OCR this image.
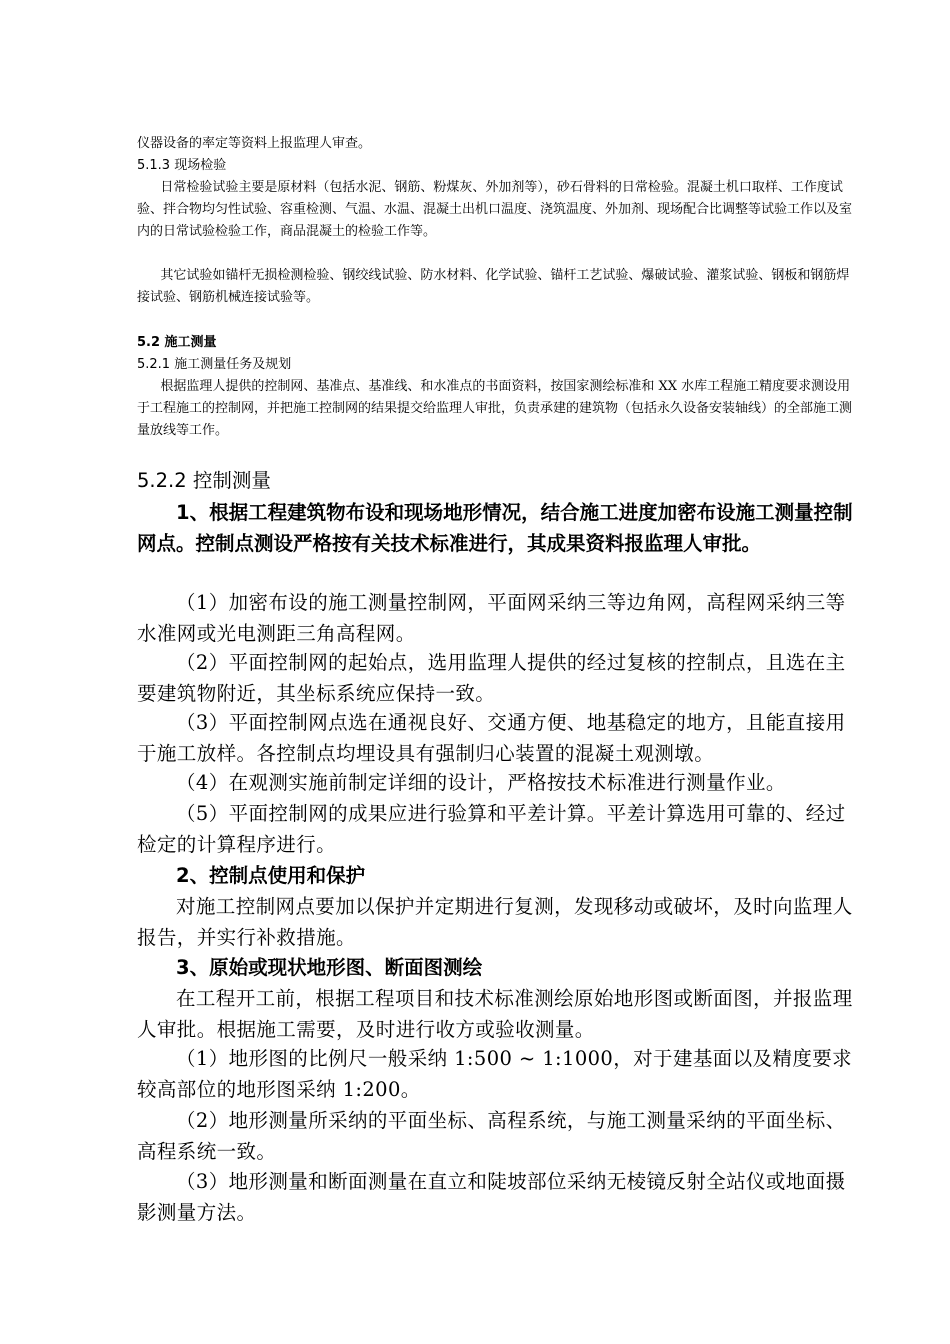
仪器设备的率定等资料上报监理人审查。

5.1.3 现场检验

日常检验试验主要是原材料（包括水泥、钢筋、粉煤灰、外加剂等），砂石骨料的日常检验。混凝土机口取样、工作度试验、拌合物均匀性试验、容重检测、气温、水温、混凝土出机口温度、浇筑温度、外加剂、现场配合比调整等试验工作以及室内的日常试验检验工作，商品混凝土的检验工作等。

其它试验如锚杆无损检测检验、钢绞线试验、防水材料、化学试验、锚杆工艺试验、爆破试验、灌浆试验、钢板和钢筋焊接试验、钢筋机械连接试验等。

5.2 施工测量

5.2.1 施工测量任务及规划

根据监理人提供的控制网、基准点、基准线、和水准点的书面资料，按国家测绘标准和 XX 水库工程施工精度要求测设用于工程施工的控制网，并把施工控制网的结果提交给监理人审批，负责承建的建筑物（包括永久设备安装轴线）的全部施工测量放线等工作。

5.2.2 控制测量

1、根据工程建筑物布设和现场地形情况，结合施工进度加密布设施工测量控制网点。控制点测设严格按有关技术标准进行，其成果资料报监理人审批。

（1）加密布设的施工测量控制网，平面网采纳三等边角网，高程网采纳三等水准网或光电测距三角高程网。

（2）平面控制网的起始点，选用监理人提供的经过复核的控制点，且选在主要建筑物附近，其坐标系统应保持一致。

（3）平面控制网点选在通视良好、交通方便、地基稳定的地方，且能直接用于施工放样。各控制点均埋设具有强制归心装置的混凝土观测墩。

（4）在观测实施前制定详细的设计，严格按技术标准进行测量作业。

（5）平面控制网的成果应进行验算和平差计算。平差计算选用可靠的、经过检定的计算程序进行。

2、控制点使用和保护

对施工控制网点要加以保护并定期进行复测，发现移动或破坏，及时向监理人报告，并实行补救措施。

3、原始或现状地形图、断面图测绘

在工程开工前，根据工程项目和技术标准测绘原始地形图或断面图，并报监理人审批。根据施工需要，及时进行收方或验收测量。

（1）地形图的比例尺一般采纳 1:500 ~ 1:1000，对于建基面以及精度要求较高部位的地形图采纳 1:200。

（2）地形测量所采纳的平面坐标、高程系统，与施工测量采纳的平面坐标、高程系统一致。

（3）地形测量和断面测量在直立和陡坡部位采纳无棱镜反射全站仪或地面摄影测量方法。
